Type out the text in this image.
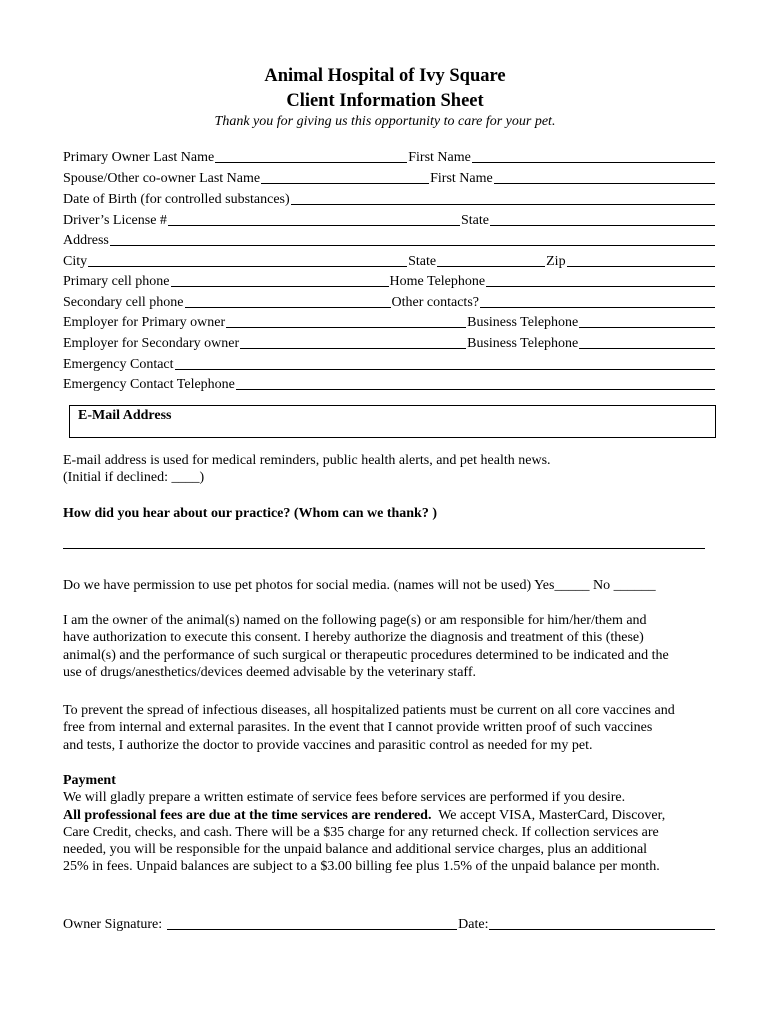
Animal Hospital of Ivy Square
Client Information Sheet
Thank you for giving us this opportunity to care for your pet.
Primary Owner Last Name	First Name
Spouse/Other co-owner Last Name	First Name
Date of Birth (for controlled substances)
Driver’s License #	State
Address
City	State	Zip
Primary cell phone	Home Telephone
Secondary cell phone	Other contacts?
Employer for Primary owner	Business Telephone
Employer for Secondary owner	Business Telephone
Emergency Contact
Emergency Contact Telephone
E-Mail Address
E-mail address is used for medical reminders, public health alerts, and pet health news.
(Initial if declined: ____)
How did you hear about our practice? (Whom can we thank? )
Do we have permission to use pet photos for social media. (names will not be used) Yes_____ No ______
I am the owner of the animal(s) named on the following page(s) or am responsible for him/her/them and
have authorization to execute this consent. I hereby authorize the diagnosis and treatment of this (these)
animal(s) and the performance of such surgical or therapeutic procedures determined to be indicated and the
use of drugs/anesthetics/devices deemed advisable by the veterinary staff.
To prevent the spread of infectious diseases, all hospitalized patients must be current on all core vaccines and
free from internal and external parasites. In the event that I cannot provide written proof of such vaccines
and tests, I authorize the doctor to provide vaccines and parasitic control as needed for my pet.
Payment
We will gladly prepare a written estimate of service fees before services are performed if you desire.
All professional fees are due at the time services are rendered.  We accept VISA, MasterCard, Discover,
Care Credit, checks, and cash. There will be a $35 charge for any returned check. If collection services are
needed, you will be responsible for the unpaid balance and additional service charges, plus an additional
25% in fees. Unpaid balances are subject to a $3.00 billing fee plus 1.5% of the unpaid balance per month.
Owner Signature:	Date:
